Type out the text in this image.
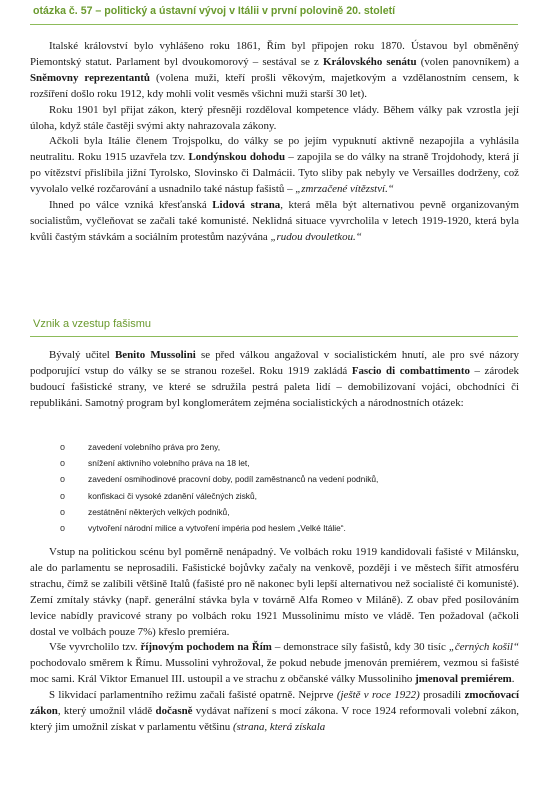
otázka č. 57 – politický a ústavní vývoj v Itálii v první polovině 20. století

Italské království bylo vyhlášeno roku 1861, Řím byl připojen roku 1870. Ústavou byl obměněný Piemontský statut. Parlament byl dvoukomorový – sestával se z Královského senátu (volen panovníkem) a Sněmovny reprezentantů (volena muži, kteří prošli věkovým, majetkovým a vzdělanostním censem, k rozšíření došlo roku 1912, kdy mohli volit vesměs všichni muži starší 30 let).

Roku 1901 byl přijat zákon, který přesněji rozděloval kompetence vlády. Během války pak vzrostla její úloha, když stále častěji svými akty nahrazovala zákony.

Ačkoli byla Itálie členem Trojspolku, do války se po jejím vypuknutí aktivně nezapojila a vyhlásila neutralitu. Roku 1915 uzavřela tzv. Londýnskou dohodu – zapojila se do války na straně Trojdohody, která jí po vítězství přislíbila jižní Tyrolsko, Slovinsko či Dalmácii. Tyto sliby pak nebyly ve Versailles dodrženy, což vyvolalo velké rozčarování a usnadnilo také nástup fašistů – „zmrzačené vítězství.“

Ihned po válce vzniká křesťanská Lidová strana, která měla být alternativou pevně organizovaným socialistům, vyčleňovat se začali také komunisté. Neklidná situace vyvrcholila v letech 1919-1920, která byla kvůli častým stávkám a sociálním protestům nazývána „rudou dvouletkou.“

Vznik a vzestup fašismu

Bývalý učitel Benito Mussolini se před válkou angažoval v socialistickém hnutí, ale pro své názory podporující vstup do války se se stranou rozešel. Roku 1919 zakládá Fascio di combattimento – zárodek budoucí fašistické strany, ve které se sdružila pestrá paleta lidí – demobilizovaní vojáci, obchodníci či republikáni. Samotný program byl konglomerátem zejména socialistických a národnostních otázek:

o	zavedení volebního práva pro ženy,
o	snížení aktivního volebního práva na 18 let,
o	zavedení osmihodinové pracovní doby, podíl zaměstnanců na vedení podniků,
o	konfiskaci či vysoké zdanění válečných zisků,
o	zestátnění některých velkých podniků,
o	vytvoření národní milice a vytvoření impéria pod heslem „Velké Itálie“.

Vstup na politickou scénu byl poměrně nenápadný. Ve volbách roku 1919 kandidovali fašisté v Milánsku, ale do parlamentu se neprosadili. Fašistické bojůvky začaly na venkově, později i ve městech šířit atmosféru strachu, čímž se zalíbili většině Italů (fašisté pro ně nakonec byli lepší alternativou než socialisté či komunisté). Zemí zmítaly stávky (např. generální stávka byla v továrně Alfa Romeo v Miláně). Z obav před posilováním levice nabídly pravicové strany po volbách roku 1921 Mussolinimu místo ve vládě. Ten požadoval (ačkoli dostal ve volbách pouze 7%) křeslo premiéra.

Vše vyvrcholilo tzv. říjnovým pochodem na Řím – demonstrace síly fašistů, kdy 30 tisíc „černých košil“ pochodovalo směrem k Římu. Mussolini vyhrožoval, že pokud nebude jmenován premiérem, vezmou si fašisté moc sami. Král Viktor Emanuel III. ustoupil a ve strachu z občanské války Mussoliniho jmenoval premiérem.

S likvidací parlamentního režimu začali fašisté opatrně. Nejprve (ještě v roce 1922) prosadili zmocňovací zákon, který umožnil vládě dočasně vydávat nařízení s mocí zákona. V roce 1924 reformovali volební zákon, který jim umožnil získat v parlamentu většinu (strana, která získala
